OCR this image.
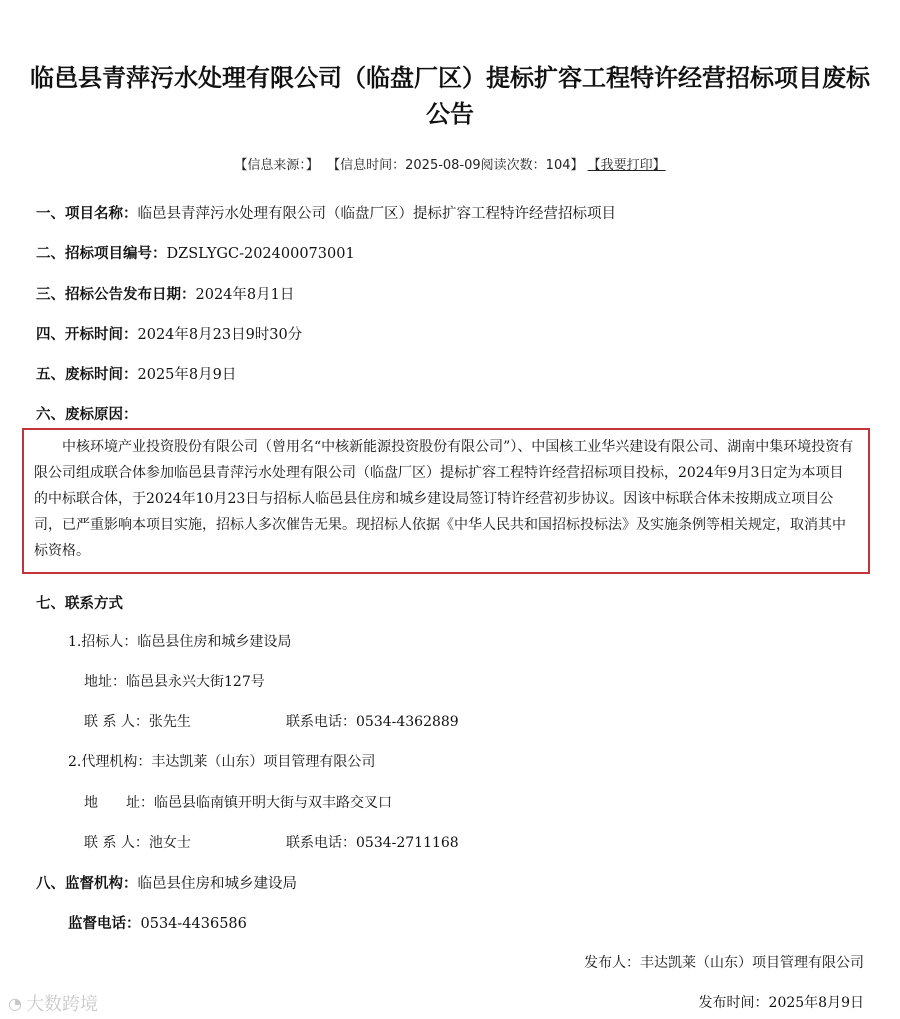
临邑县青萍污水处理有限公司（临盘厂区）提标扩容工程特许经营招标项目废标公告
【信息来源：】 【信息时间：2025-08-09阅读次数：104】 【我要打印】
一、项目名称：临邑县青萍污水处理有限公司（临盘厂区）提标扩容工程特许经营招标项目
二、招标项目编号：DZSLYGC-202400073001
三、招标公告发布日期：2024年8月1日
四、开标时间：2024年8月23日9时30分
五、废标时间：2025年8月9日
六、废标原因：
中核环境产业投资股份有限公司（曾用名“中核新能源投资股份有限公司”）、中国核工业华兴建设有限公司、湖南中集环境投资有限公司组成联合体参加临邑县青萍污水处理有限公司（临盘厂区）提标扩容工程特许经营招标项目投标，2024年9月3日定为本项目的中标联合体，于2024年10月23日与招标人临邑县住房和城乡建设局签订特许经营初步协议。因该中标联合体未按期成立项目公司，已严重影响本项目实施，招标人多次催告无果。现招标人依据《中华人民共和国招标投标法》及实施条例等相关规定，取消其中标资格。
七、联系方式
1.招标人：临邑县住房和城乡建设局
地址：临邑县永兴大街127号
联 系 人：张先生	联系电话：0534-4362889
2.代理机构：丰达凯莱（山东）项目管理有限公司
地　　址：临邑县临南镇开明大街与双丰路交叉口
联 系 人：池女士	联系电话：0534-2711168
八、监督机构：临邑县住房和城乡建设局
监督电话：0534-4436586
发布人：丰达凯莱（山东）项目管理有限公司
发布时间：2025年8月9日
◔ 大数跨境
